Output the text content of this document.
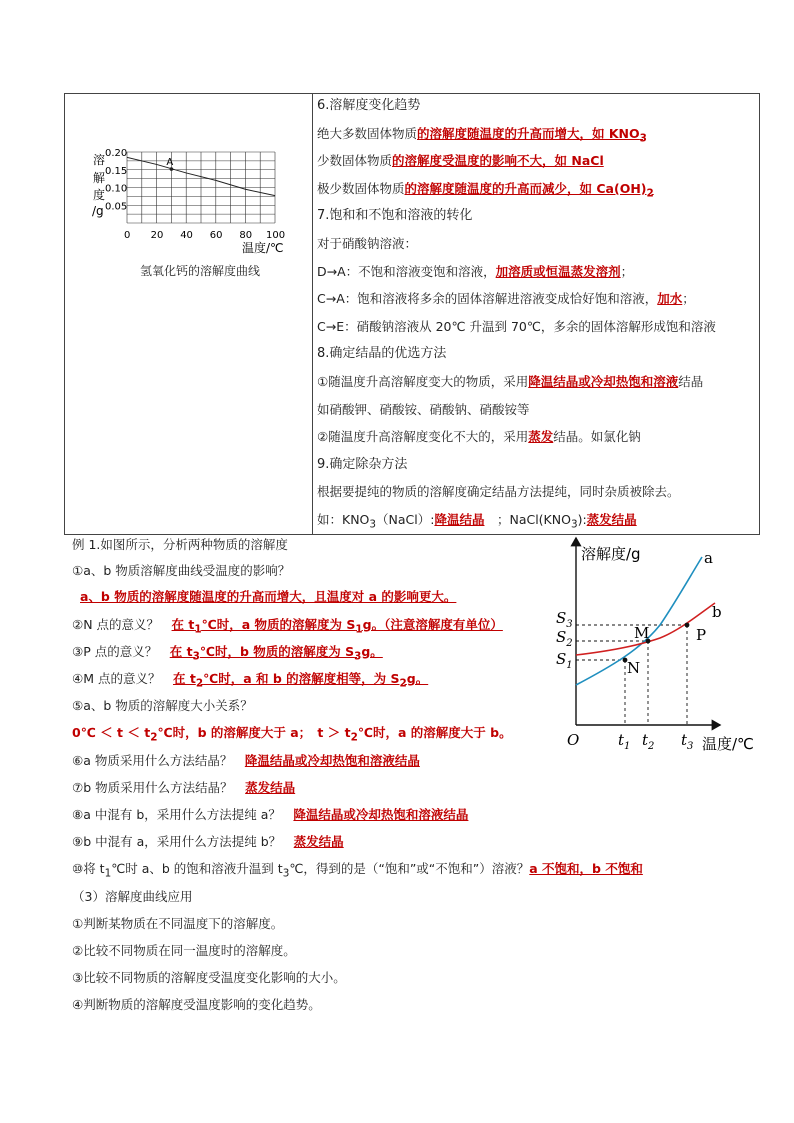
溶
解
度
/g
0 20 40 60 80 100
0.20
0.15
0.10
0.05
A
温度/℃
氢氧化钙的溶解度曲线

6.溶解度变化趋势
绝大多数固体物质的溶解度随温度的升高而增大，如 $KNO_3$
少数固体物质的溶解度受温度的影响不大，如 NaCl
极少数固体物质的溶解度随温度的升高而减少，如 $Ca(OH)_2$
7.饱和和不饱和溶液的转化
对于硝酸钠溶液：
D→A：不饱和溶液变饱和溶液，加溶质或恒温蒸发溶剂；
C→A：饱和溶液将多余的固体溶解进溶液变成恰好饱和溶液，加水；
C→E：硝酸钠溶液从 20℃ 升温到 70℃，多余的固体溶解形成饱和溶液
8.确定结晶的优选方法
①随温度升高溶解度变大的物质，采用降温结晶或冷却热饱和溶液结晶
如硝酸钾、硝酸铵、硝酸钠、硝酸铵等
②随温度升高溶解度变化不大的，采用蒸发结晶。如氯化钠
9.确定除杂方法
根据要提纯的物质的溶解度确定结晶方法提纯，同时杂质被除去。
如：$KNO_3(NaCl)$:降温结晶　；$NaCl(KNO_3)$:蒸发结晶
例 1.如图所示，分析两种物质的溶解度
①a、b 物质溶解度曲线受温度的影响？
a、b 物质的溶解度随温度的升高而增大，且温度对 a 的影响更大。
②N 点的意义？　 在 $t_1℃$时，a 物质的溶解度为 $S_1g$。（注意溶解度有单位）
③P 点的意义？　 在 $t_3℃$时，b 物质的溶解度为 $S_3g$。
④M 点的意义？　 在 $t_2℃$时，a 和 b 的溶解度相等，为 $S_2g$。
⑤a、b 物质的溶解度大小关系？
0℃ ＜ $t < t_2℃$时，b 的溶解度大于 a；　$t > t_2℃$时，a 的溶解度大于 b。
⑥a 物质采用什么方法结晶？　 降温结晶或冷却热饱和溶液结晶
⑦b 物质采用什么方法结晶？　 蒸发结晶
⑧a 中混有 b，采用什么方法提纯 a？　 降温结晶或冷却热饱和溶液结晶
⑨b 中混有 a，采用什么方法提纯 b？　 蒸发结晶
⑩将 $t_1℃$时 a、b 的饱和溶液升温到 $t_3℃$，得到的是（“饱和”或“不饱和”）溶液？a 不饱和，b 不饱和
（3）溶解度曲线应用
①判断某物质在不同温度下的溶解度。
②比较不同物质在同一温度时的溶解度。
③比较不同物质的溶解度受温度变化影响的大小。
④判断物质的溶解度受温度影响的变化趋势。
溶解度/g
温度/℃
O
a
b
M
N
P
$S_3$
$S_2$
$S_1$
$t_1$ $t_2$ $t_3$
